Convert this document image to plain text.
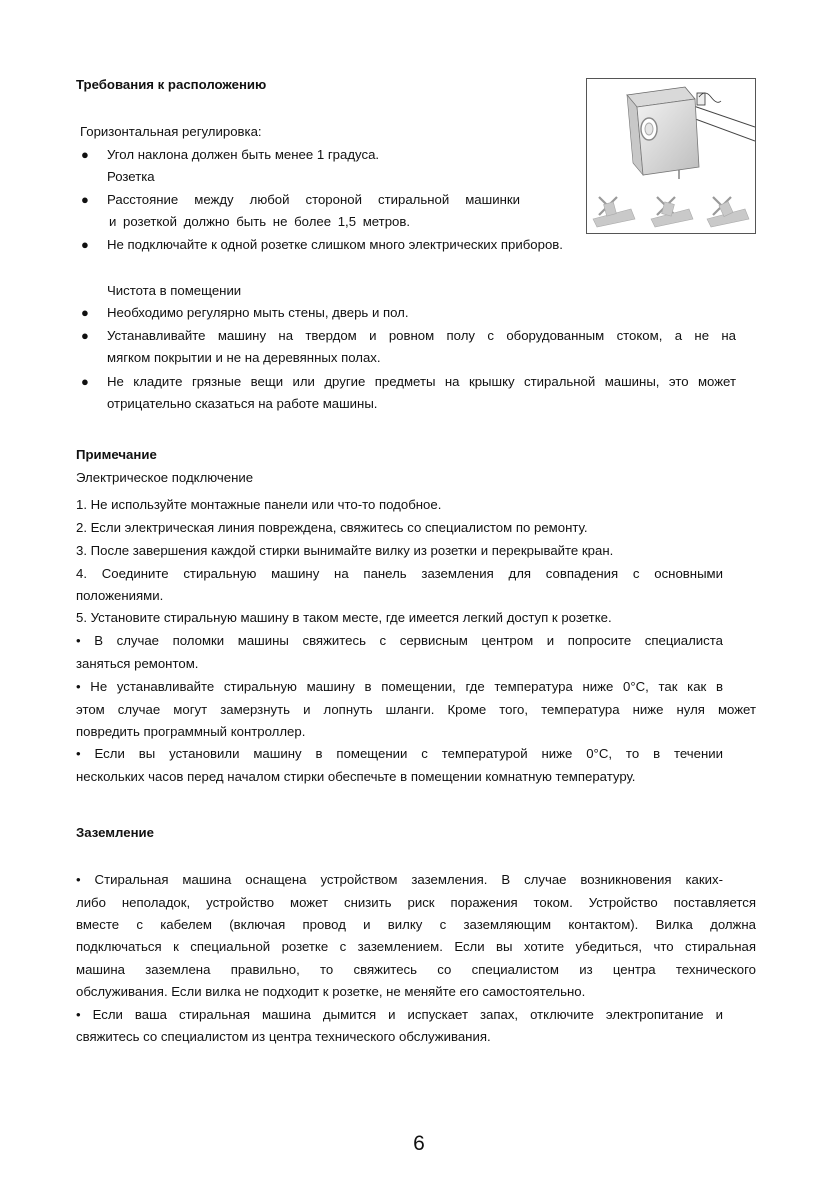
Требования к расположению
Горизонтальная регулировка:
● Угол наклона должен быть менее 1 градуса.
Розетка
● Расстояние между любой стороной стиральной машинки
и розеткой должно быть не более 1,5 метров.
● Не подключайте к одной розетке слишком много электрических приборов.
Чистота в помещении
● Необходимо регулярно мыть стены, дверь и пол.
● Устанавливайте машину на твердом и ровном полу с оборудованным стоком, а не на
мягком покрытии и не на деревянных полах.
● Не кладите грязные вещи или другие предметы на крышку стиральной машины, это может
отрицательно сказаться на работе машины.
Примечание
Электрическое подключение
1. Не используйте монтажные панели или что-то подобное.
2. Если электрическая линия повреждена, свяжитесь со специалистом по ремонту.
3. После завершения каждой стирки вынимайте вилку из розетки и перекрывайте кран.
4. Соедините стиральную машину на панель заземления для совпадения с основными
положениями.
5. Установите стиральную машину в таком месте, где имеется легкий доступ к розетке.
• В случае поломки машины свяжитесь с сервисным центром и попросите специалиста
заняться ремонтом.
• Не устанавливайте стиральную машину в помещении, где температура ниже 0°C, так как в
этом случае могут замерзнуть и лопнуть шланги. Кроме того, температура ниже нуля может
повредить программный контроллер.
• Если вы установили машину в помещении с температурой ниже 0°C, то в течении
нескольких часов перед началом стирки обеспечьте в помещении комнатную температуру.
Заземление
• Стиральная машина оснащена устройством заземления. В случае возникновения каких-
либо неполадок, устройство может снизить риск поражения током. Устройство поставляется
вместе с кабелем (включая провод и вилку с заземляющим контактом). Вилка должна
подключаться к специальной розетке с заземлением. Если вы хотите убедиться, что стиральная
машина заземлена правильно, то свяжитесь со специалистом из центра технического
обслуживания. Если вилка не подходит к розетке, не меняйте его самостоятельно.
• Если ваша стиральная машина дымится и испускает запах, отключите электропитание и
свяжитесь со специалистом из центра технического обслуживания.
6
